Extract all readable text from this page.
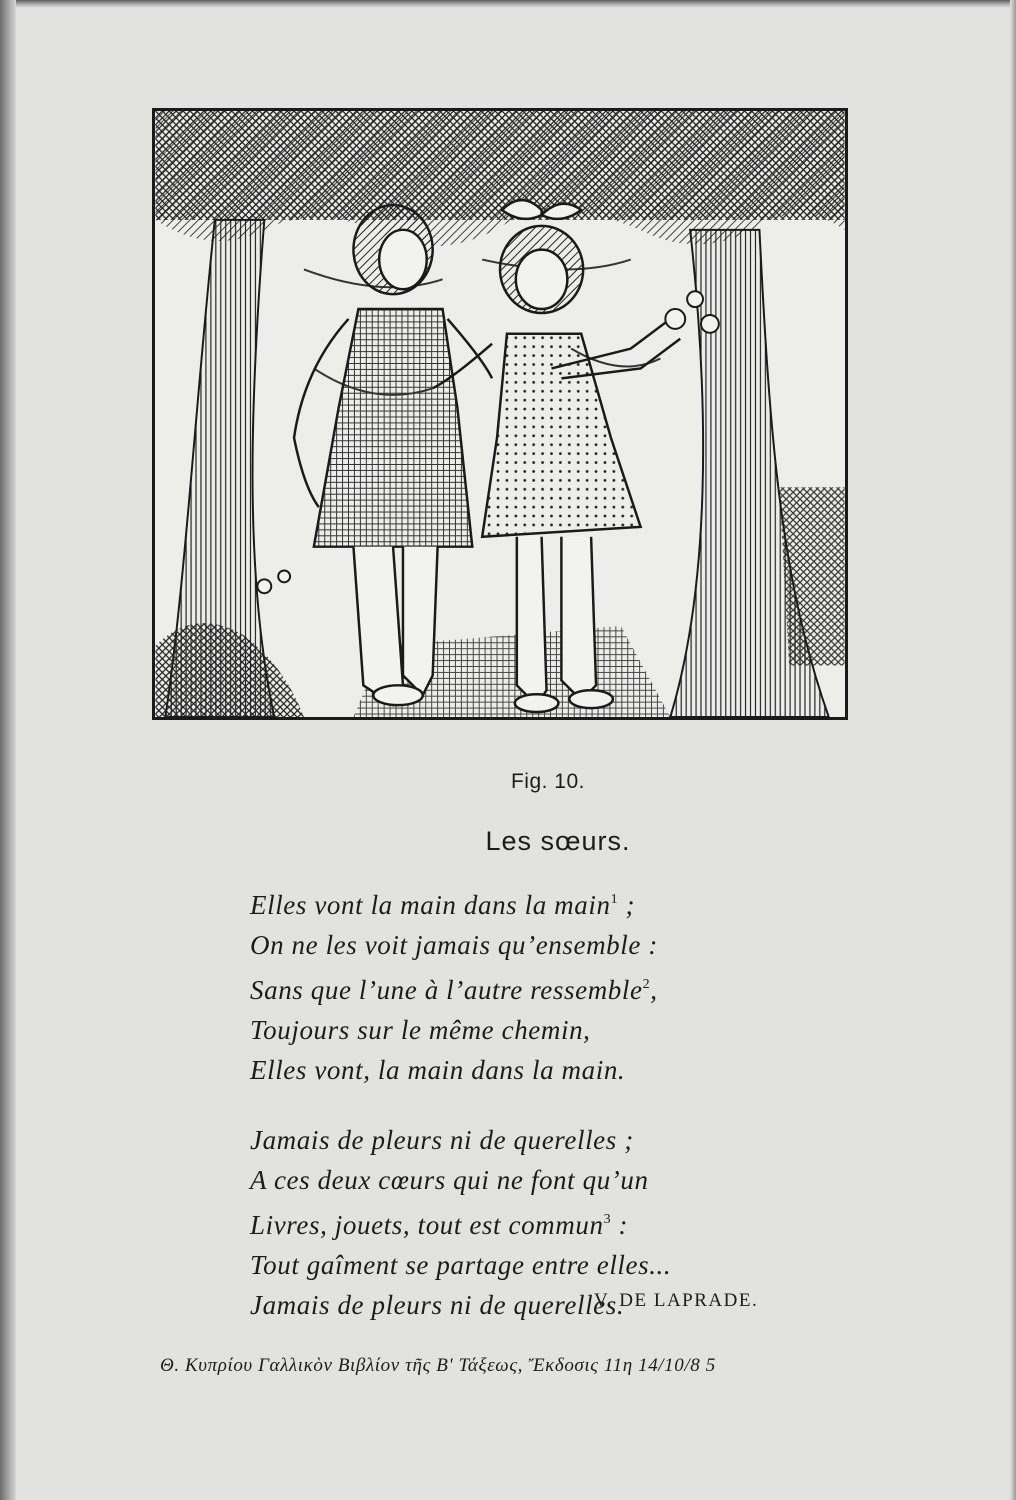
Fig. 10.
Les sœurs.
Elles vont la main dans la main$^1$ ;
On ne les voit jamais qu’ensemble :
Sans que l’une à l’autre ressemble$^2$,
Toujours sur le même chemin,
Elles vont, la main dans la main.
Jamais de pleurs ni de querelles ;
A ces deux cœurs qui ne font qu’un
Livres, jouets, tout est commun$^3$ :
Tout gaîment se partage entre elles...
Jamais de pleurs ni de querelles.
V. DE LAPRADE.
Θ. Κυπρίου Γαλλικὸν Βιβλίον τῆς Β' Τάξεως, Ἔκδοσις 11η 14/10/8 5
